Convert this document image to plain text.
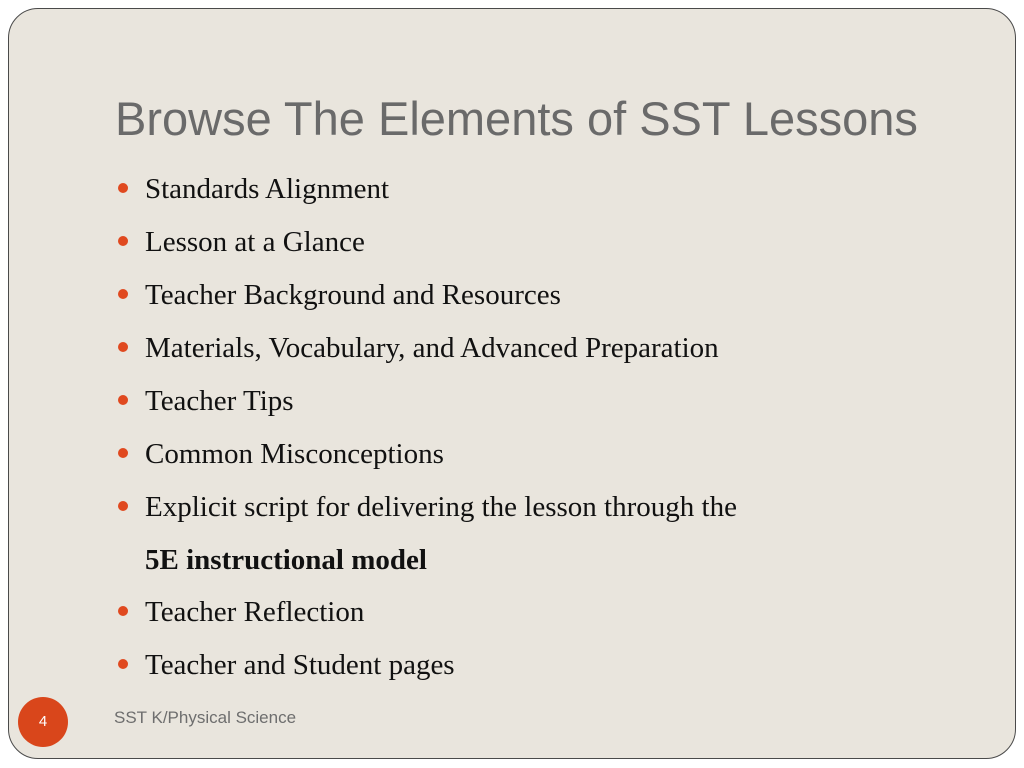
Browse The Elements of SST Lessons
Standards Alignment
Lesson at a Glance
Teacher Background and Resources
Materials, Vocabulary, and Advanced Preparation
Teacher Tips
Common Misconceptions
Explicit script for delivering the lesson through the
5E instructional model
Teacher Reflection
Teacher and Student pages
4	SST K/Physical Science
